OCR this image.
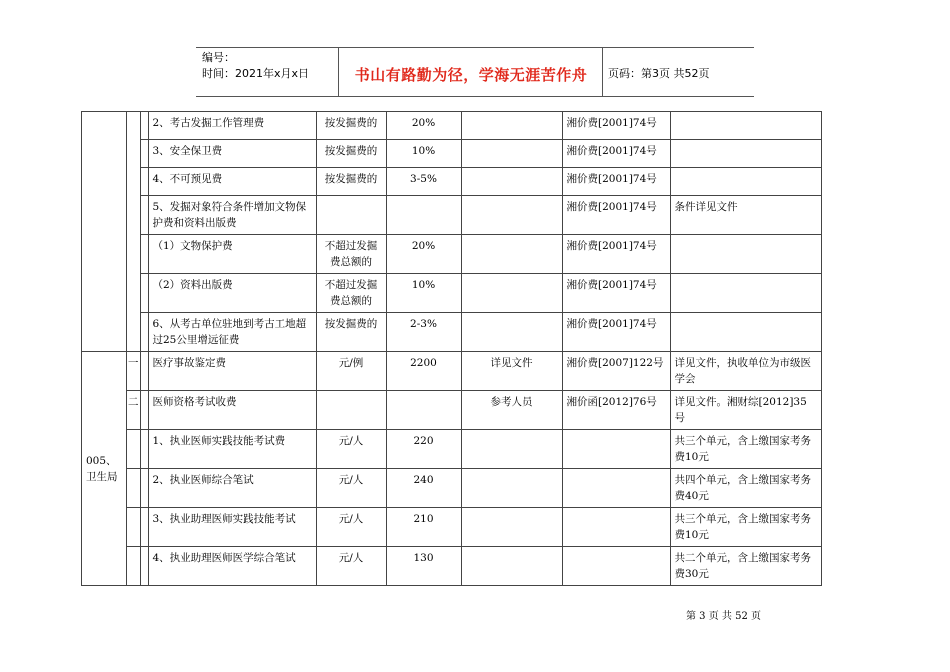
编号：
时间：2021年x月x日	书山有路勤为径，学海无涯苦作舟	页码：第3页 共52页
			2、考古发掘工作管理费	按发掘费的	20%		湘价费[2001]74号	
			3、安全保卫费	按发掘费的	10%		湘价费[2001]74号	
			4、不可预见费	按发掘费的	3-5%		湘价费[2001]74号	
			5、发掘对象符合条件增加文物保护费和资料出版费				湘价费[2001]74号	条件详见文件
			（1）文物保护费	不超过发掘费总额的	20%		湘价费[2001]74号	
			（2）资料出版费	不超过发掘费总额的	10%		湘价费[2001]74号	
			6、从考古单位驻地到考古工地超过25公里增远征费	按发掘费的	2-3%		湘价费[2001]74号	
005、卫生局	一		医疗事故鉴定费	元/例	2200	详见文件	湘价费[2007]122号	详见文件，执收单位为市级医学会
	二		医师资格考试收费			参考人员	湘价函[2012]76号	详见文件。湘财综[2012]35号
			1、执业医师实践技能考试费	元/人	220			共三个单元，含上缴国家考务费10元
			2、执业医师综合笔试	元/人	240			共四个单元，含上缴国家考务费40元
			3、执业助理医师实践技能考试	元/人	210			共三个单元，含上缴国家考务费10元
			4、执业助理医师医学综合笔试	元/人	130			共二个单元，含上缴国家考务费30元
第 3 页 共 52 页
